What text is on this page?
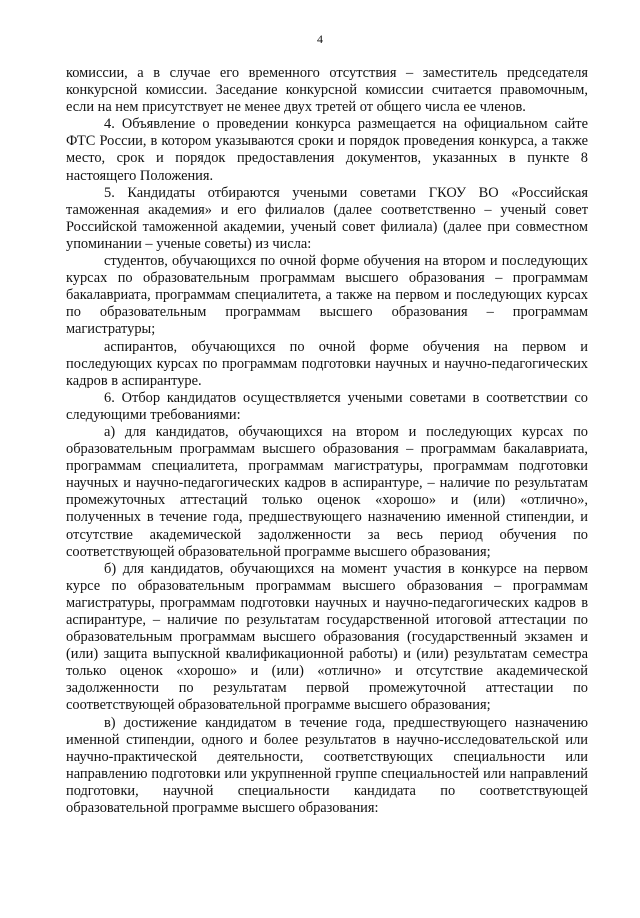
4

комиссии, а в случае его временного отсутствия – заместитель председателя конкурсной комиссии. Заседание конкурсной комиссии считается правомочным, если на нем присутствует не менее двух третей от общего числа ее членов.

4. Объявление о проведении конкурса размещается на официальном сайте ФТС России, в котором указываются сроки и порядок проведения конкурса, а также место, срок и порядок предоставления документов, указанных в пункте 8 настоящего Положения.

5. Кандидаты отбираются учеными советами ГКОУ ВО «Российская таможенная академия» и его филиалов (далее соответственно – ученый совет Российской таможенной академии, ученый совет филиала) (далее при совместном упоминании – ученые советы) из числа:

студентов, обучающихся по очной форме обучения на втором и последующих курсах по образовательным программам высшего образования – программам бакалавриата, программам специалитета, а также на первом и последующих курсах по образовательным программам высшего образования – программам магистратуры;

аспирантов, обучающихся по очной форме обучения на первом и последующих курсах по программам подготовки научных и научно-педагогических кадров в аспирантуре.

6. Отбор кандидатов осуществляется учеными советами в соответствии со следующими требованиями:

а) для кандидатов, обучающихся на втором и последующих курсах по образовательным программам высшего образования – программам бакалавриата, программам специалитета, программам магистратуры, программам подготовки научных и научно-педагогических кадров в аспирантуре, – наличие по результатам промежуточных аттестаций только оценок «хорошо» и (или) «отлично», полученных в течение года, предшествующего назначению именной стипендии, и отсутствие академической задолженности за весь период обучения по соответствующей образовательной программе высшего образования;

б) для кандидатов, обучающихся на момент участия в конкурсе на первом курсе по образовательным программам высшего образования – программам магистратуры, программам подготовки научных и научно-педагогических кадров в аспирантуре, – наличие по результатам государственной итоговой аттестации по образовательным программам высшего образования (государственный экзамен и (или) защита выпускной квалификационной работы) и (или) результатам семестра только оценок «хорошо» и (или) «отлично» и отсутствие академической задолженности по результатам первой промежуточной аттестации по соответствующей образовательной программе высшего образования;

в) достижение кандидатом в течение года, предшествующего назначению именной стипендии, одного и более результатов в научно-исследовательской или научно-практической деятельности, соответствующих специальности или направлению подготовки или укрупненной группе специальностей или направлений подготовки, научной специальности кандидата по соответствующей образовательной программе высшего образования:
